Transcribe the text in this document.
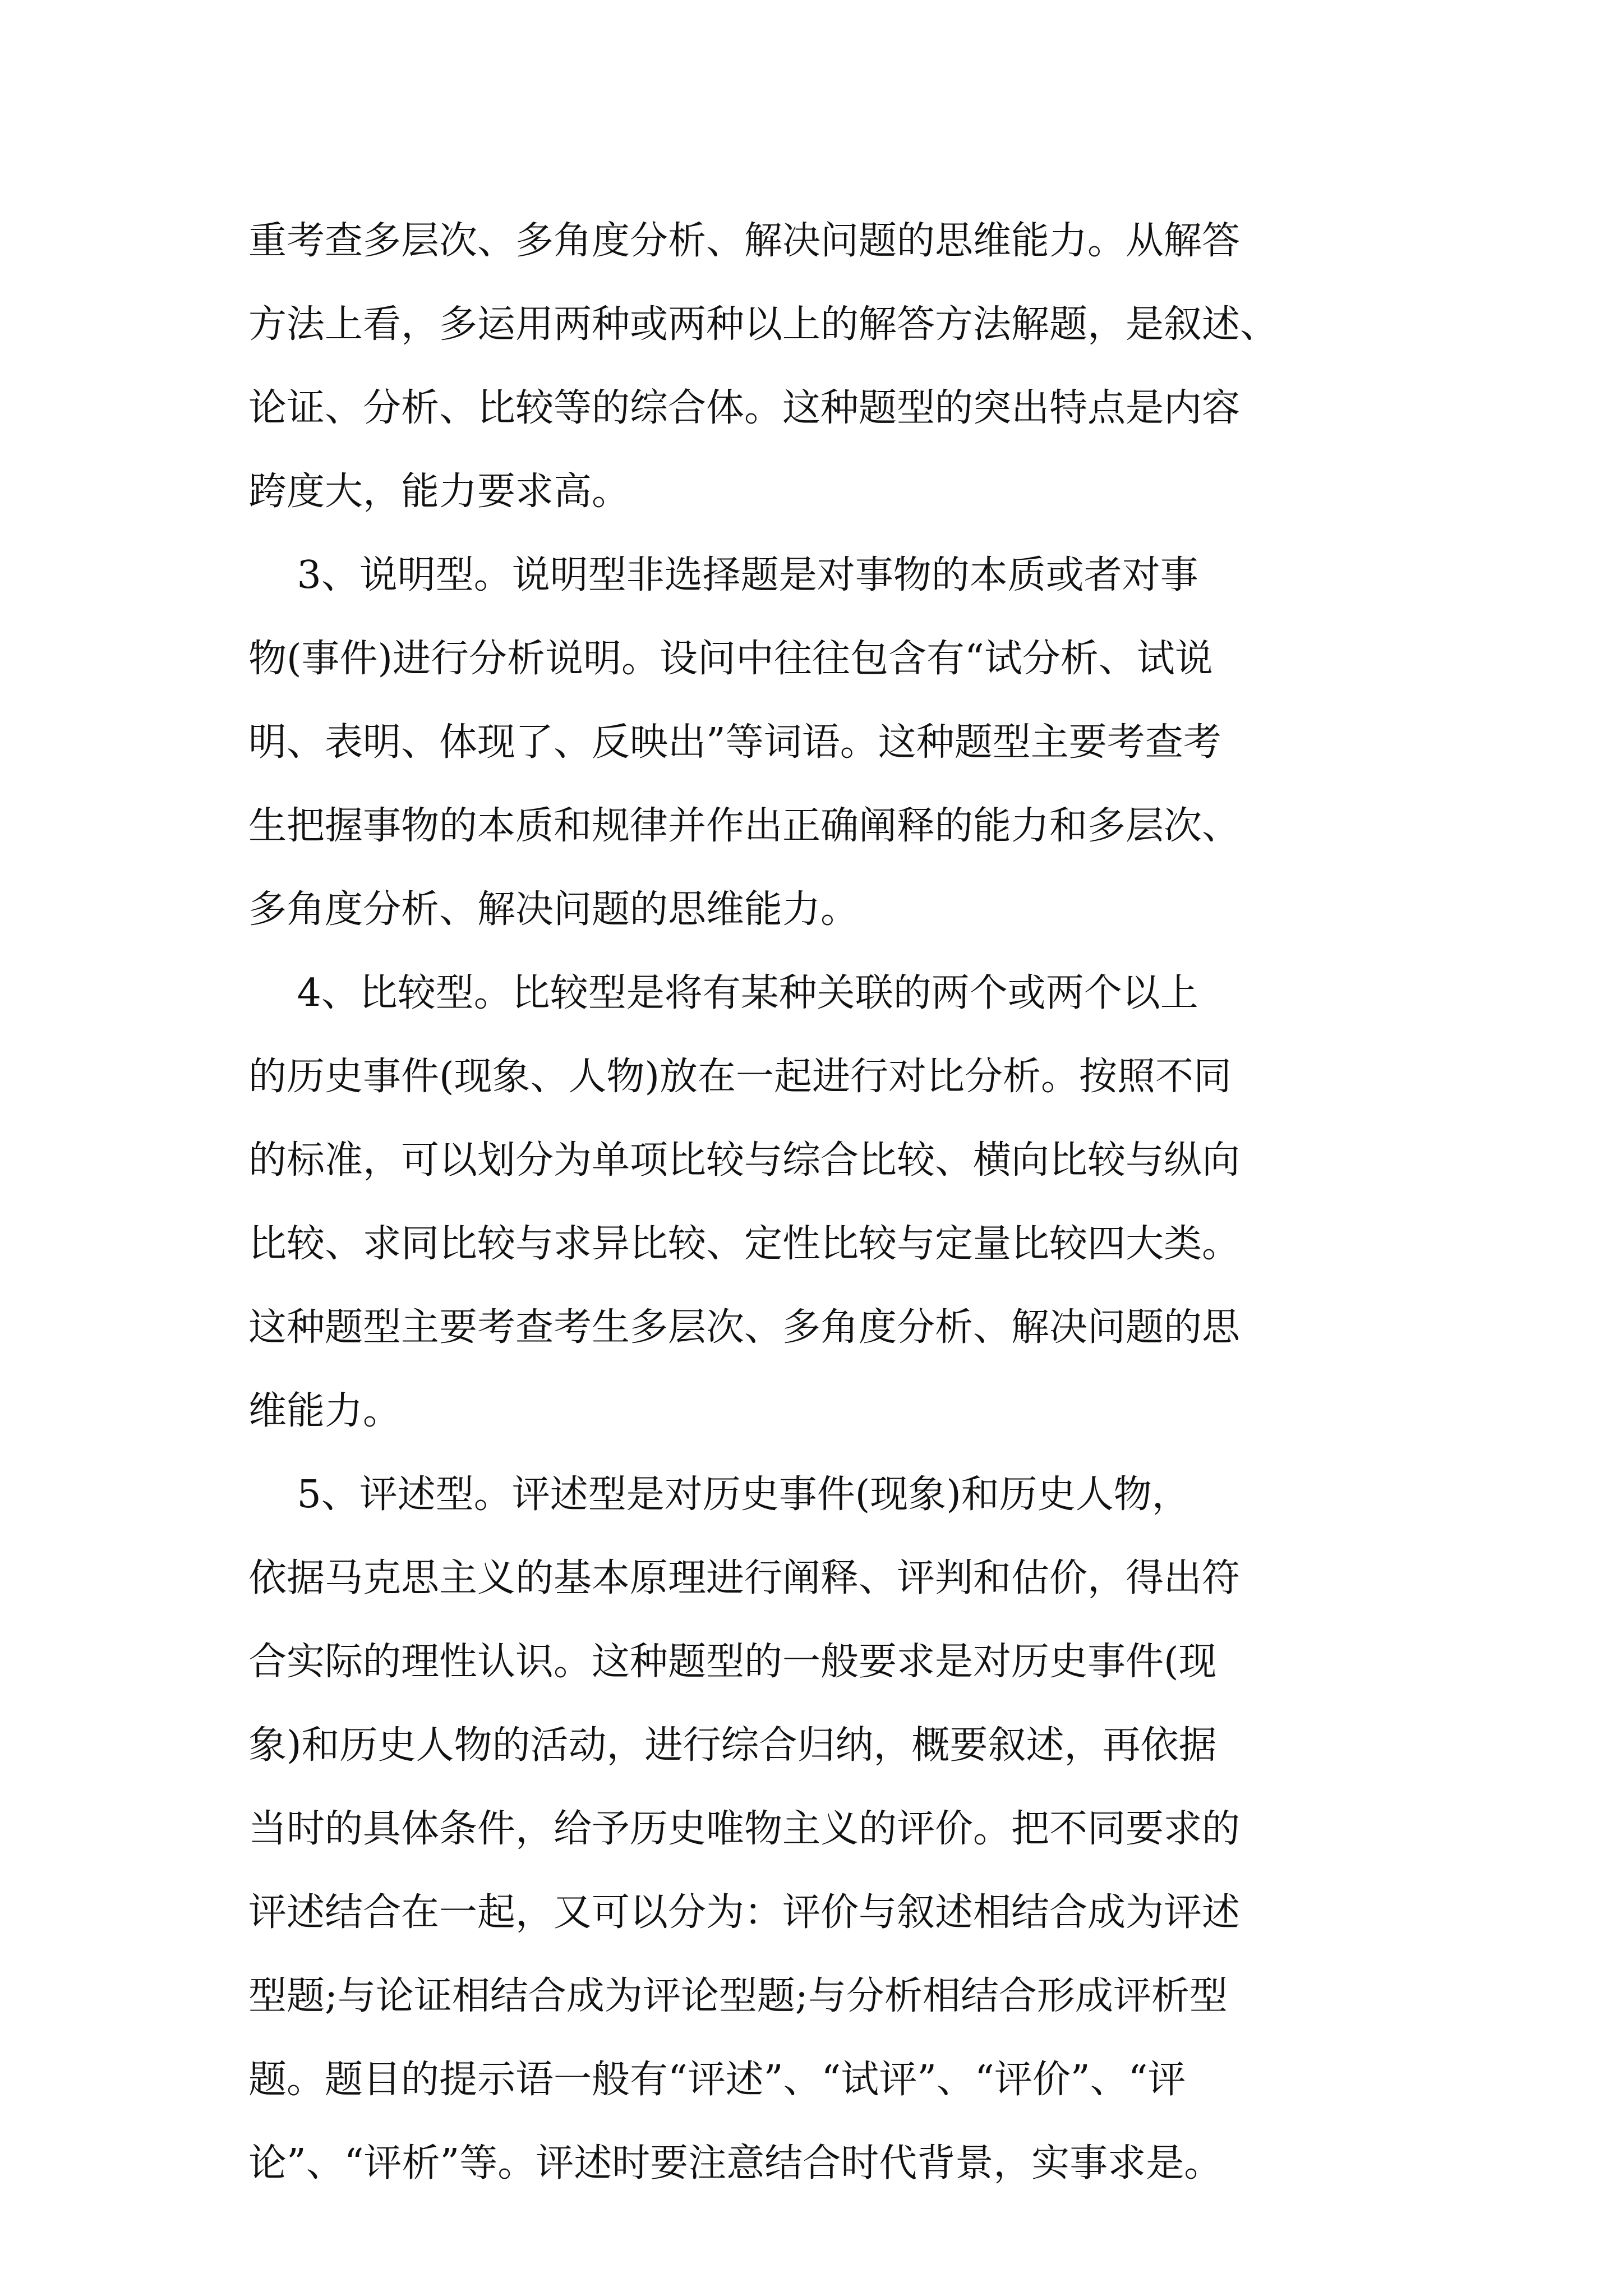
重考查多层次、多角度分析、解决问题的思维能力。从解答
方法上看，多运用两种或两种以上的解答方法解题，是叙述、
论证、分析、比较等的综合体。这种题型的突出特点是内容
跨度大，能力要求高。
3、说明型。说明型非选择题是对事物的本质或者对事
物(事件)进行分析说明。设问中往往包含有“试分析、试说
明、表明、体现了、反映出”等词语。这种题型主要考查考
生把握事物的本质和规律并作出正确阐释的能力和多层次、
多角度分析、解决问题的思维能力。
4、比较型。比较型是将有某种关联的两个或两个以上
的历史事件(现象、人物)放在一起进行对比分析。按照不同
的标准，可以划分为单项比较与综合比较、横向比较与纵向
比较、求同比较与求异比较、定性比较与定量比较四大类。
这种题型主要考查考生多层次、多角度分析、解决问题的思
维能力。
5、评述型。评述型是对历史事件(现象)和历史人物，
依据马克思主义的基本原理进行阐释、评判和估价，得出符
合实际的理性认识。这种题型的一般要求是对历史事件(现
象)和历史人物的活动，进行综合归纳，概要叙述，再依据
当时的具体条件，给予历史唯物主义的评价。把不同要求的
评述结合在一起，又可以分为：评价与叙述相结合成为评述
型题;与论证相结合成为评论型题;与分析相结合形成评析型
题。题目的提示语一般有“评述”、“试评”、“评价”、“评
论”、“评析”等。评述时要注意结合时代背景，实事求是。
